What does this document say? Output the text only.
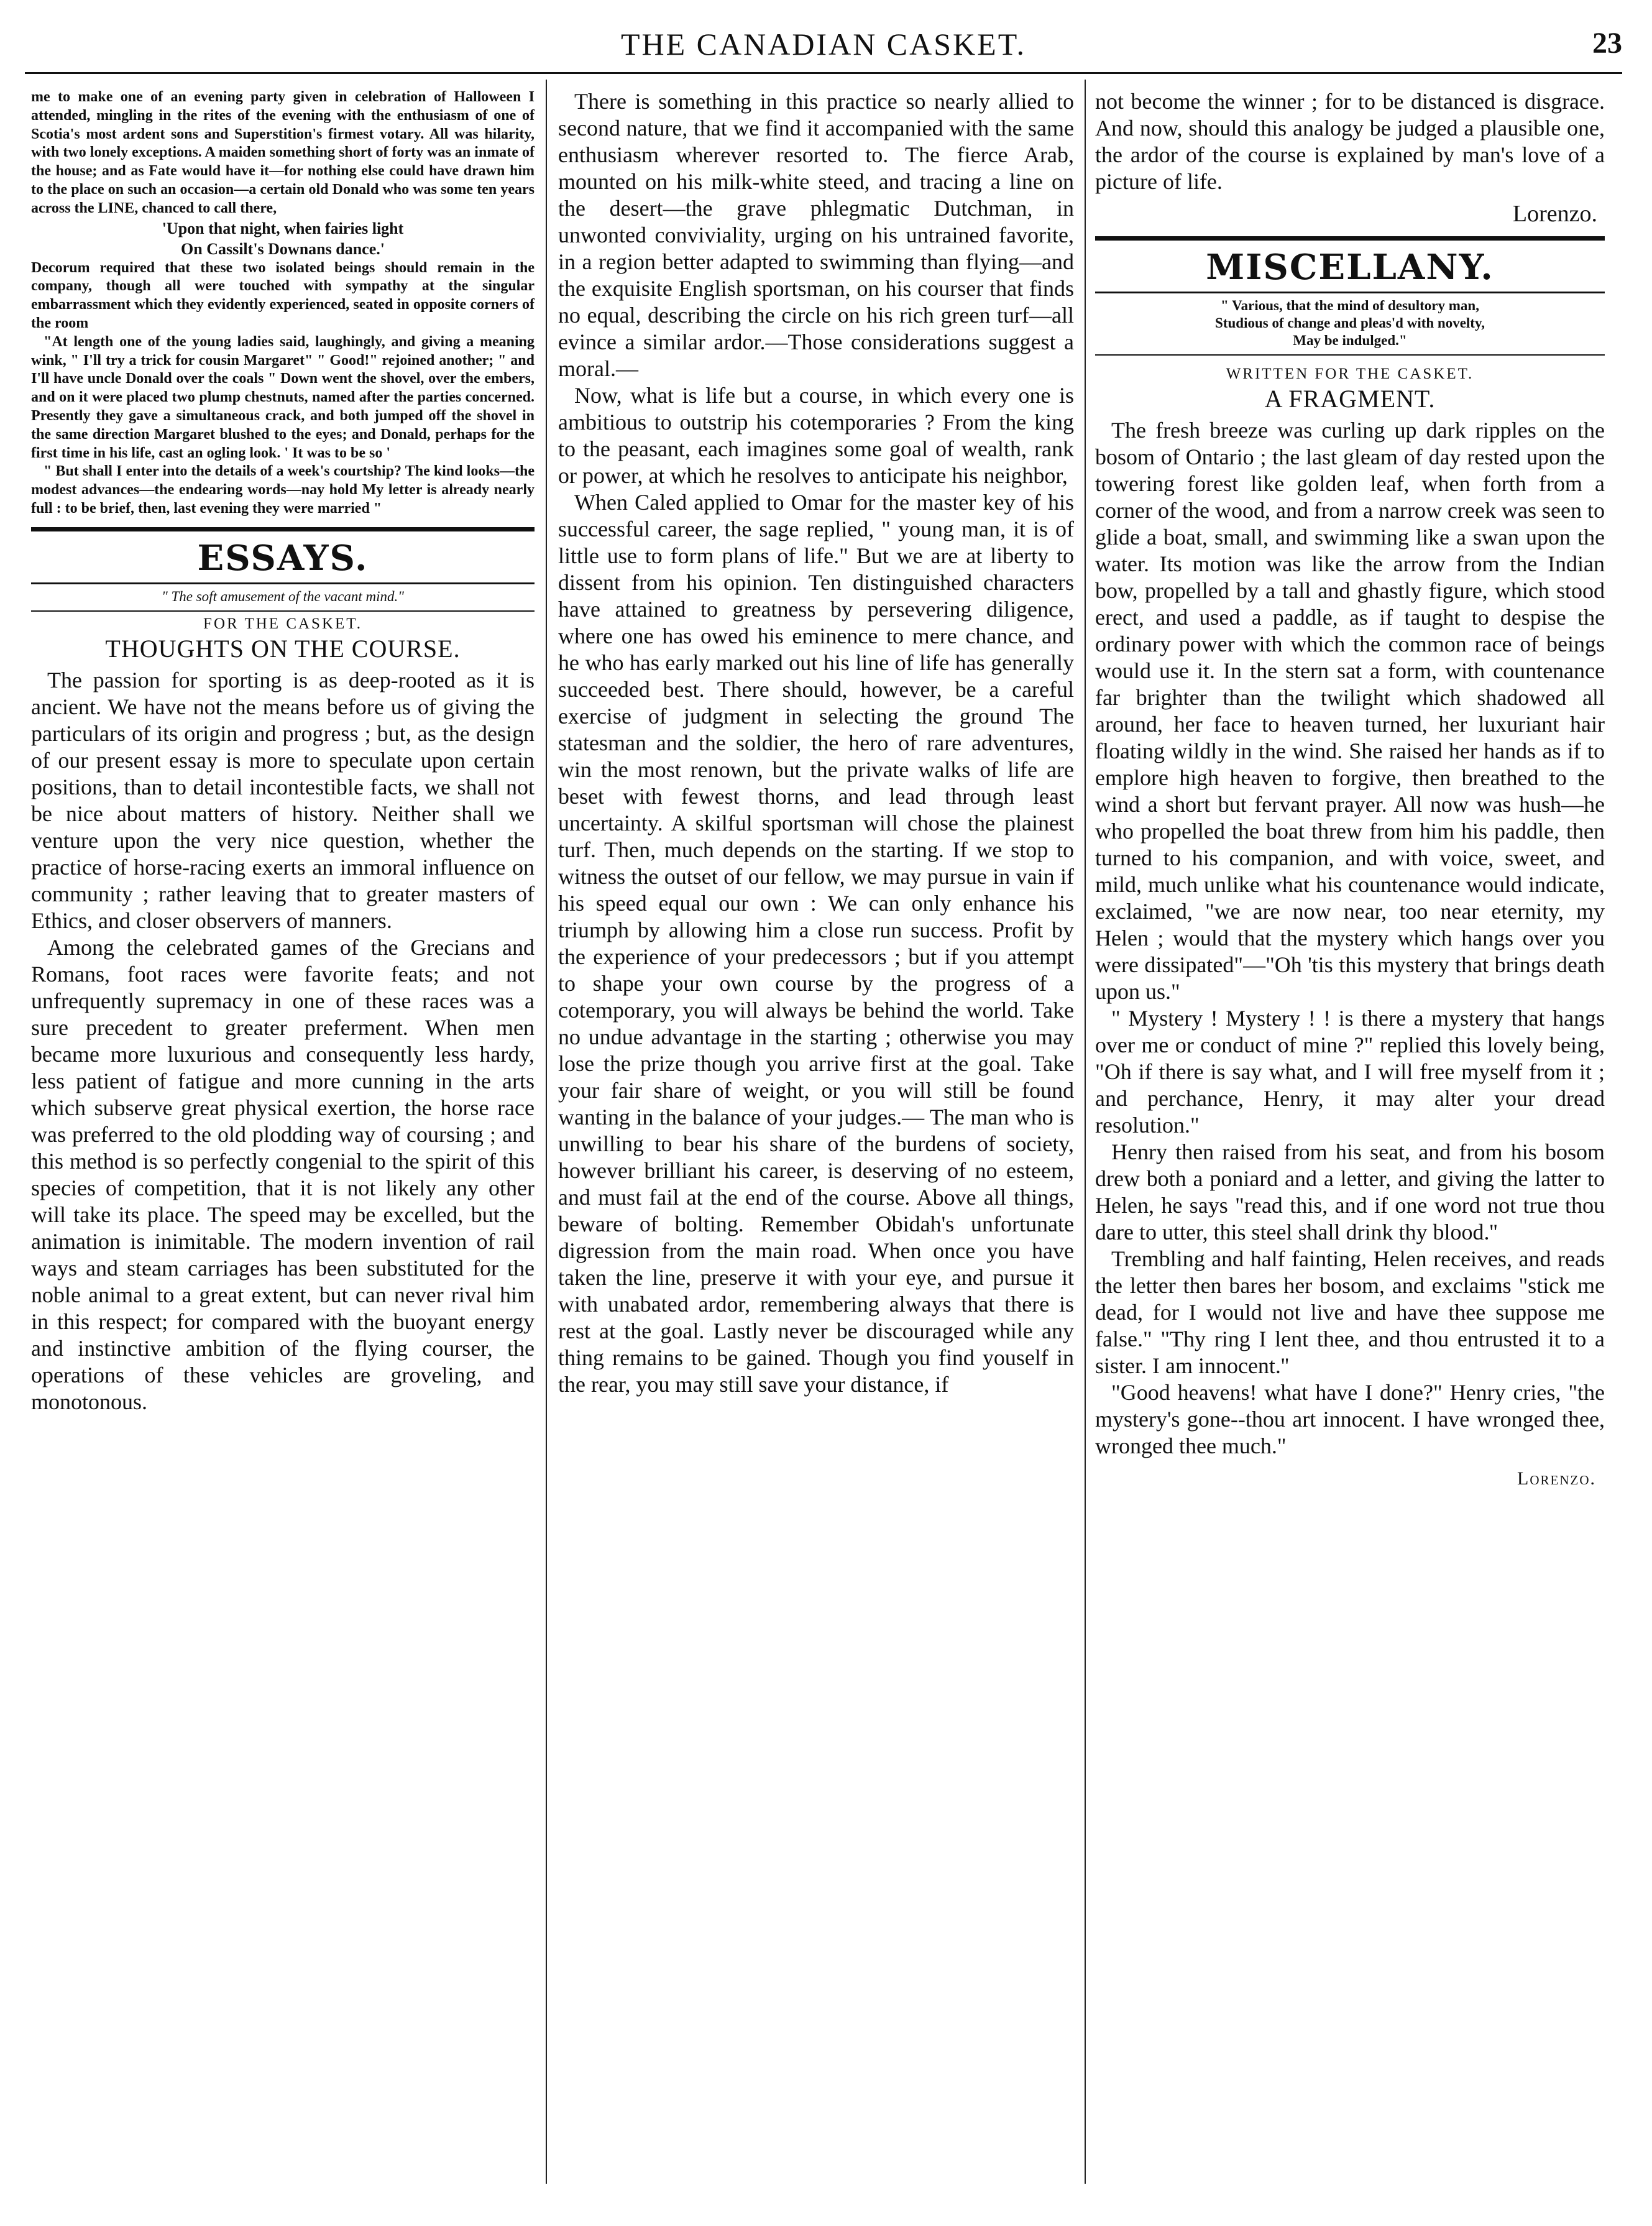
THE CANADIAN CASKET.	23

me to make one of an evening party given in celebration of Halloween I attended, mingling in the rites of the evening with the enthusiasm of one of Scotia's most ardent sons and Superstition's firmest votary. All was hilarity, with two lonely exceptions. A maiden something short of forty was an inmate of the house; and as Fate would have it—for nothing else could have drawn him to the place on such an occasion—a certain old Donald who was some ten years across the LINE, chanced to call there,

'Upon that night, when fairies light
On Cassilt's Downans dance.'

Decorum required that these two isolated beings should remain in the company, though all were touched with sympathy at the singular embarrassment which they evidently experienced, seated in opposite corners of the room

"At length one of the young ladies said, laughingly, and giving a meaning wink, " I'll try a trick for cousin Margaret" " Good!" rejoined another; " and I'll have uncle Donald over the coals " Down went the shovel, over the embers, and on it were placed two plump chestnuts, named after the parties concerned. Presently they gave a simultaneous crack, and both jumped off the shovel in the same direction Margaret blushed to the eyes; and Donald, perhaps for the first time in his life, cast an ogling look. ' It was to be so '

" But shall I enter into the details of a week's courtship? The kind looks—the modest advances—the endearing words—nay hold My letter is already nearly full : to be brief, then, last evening they were married "

ESSAYS.
" The soft amusement of the vacant mind."
FOR THE CASKET.
THOUGHTS ON THE COURSE.

The passion for sporting is as deep-rooted as it is ancient. We have not the means before us of giving the particulars of its origin and progress ; but, as the design of our present essay is more to speculate upon certain positions, than to detail incontestible facts, we shall not be nice about matters of history. Neither shall we venture upon the very nice question, whether the practice of horse-racing exerts an immoral influence on community ; rather leaving that to greater masters of Ethics, and closer observers of manners.

Among the celebrated games of the Grecians and Romans, foot races were favorite feats; and not unfrequently supremacy in one of these races was a sure precedent to greater preferment. When men became more luxurious and consequently less hardy, less patient of fatigue and more cunning in the arts which subserve great physical exertion, the horse race was preferred to the old plodding way of coursing ; and this method is so perfectly congenial to the spirit of this species of competition, that it is not likely any other will take its place. The speed may be excelled, but the animation is inimitable. The modern invention of rail ways and steam carriages has been substituted for the noble animal to a great extent, but can never rival him in this respect; for compared with the buoyant energy and instinctive ambition of the flying courser, the operations of these vehicles are groveling, and monotonous.

There is something in this practice so nearly allied to second nature, that we find it accompanied with the same enthusiasm wherever resorted to. The fierce Arab, mounted on his milk-white steed, and tracing a line on the desert—the grave phlegmatic Dutchman, in unwonted conviviality, urging on his untrained favorite, in a region better adapted to swimming than flying—and the exquisite English sportsman, on his courser that finds no equal, describing the circle on his rich green turf—all evince a similar ardor.—Those considerations suggest a moral.—

Now, what is life but a course, in which every one is ambitious to outstrip his cotemporaries ? From the king to the peasant, each imagines some goal of wealth, rank or power, at which he resolves to anticipate his neighbor,

When Caled applied to Omar for the master key of his successful career, the sage replied, " young man, it is of little use to form plans of life." But we are at liberty to dissent from his opinion. Ten distinguished characters have attained to greatness by persevering diligence, where one has owed his eminence to mere chance, and he who has early marked out his line of life has generally succeeded best. There should, however, be a careful exercise of judgment in selecting the ground The statesman and the soldier, the hero of rare adventures, win the most renown, but the private walks of life are beset with fewest thorns, and lead through least uncertainty. A skilful sportsman will chose the plainest turf. Then, much depends on the starting. If we stop to witness the outset of our fellow, we may pursue in vain if his speed equal our own : We can only enhance his triumph by allowing him a close run success. Profit by the experience of your predecessors ; but if you attempt to shape your own course by the progress of a cotemporary, you will always be behind the world. Take no undue advantage in the starting ; otherwise you may lose the prize though you arrive first at the goal. Take your fair share of weight, or you will still be found wanting in the balance of your judges.— The man who is unwilling to bear his share of the burdens of society, however brilliant his career, is deserving of no esteem, and must fail at the end of the course. Above all things, beware of bolting. Remember Obidah's unfortunate digression from the main road. When once you have taken the line, preserve it with your eye, and pursue it with unabated ardor, remembering always that there is rest at the goal. Lastly never be discouraged while any thing remains to be gained. Though you find youself in the rear, you may still save your distance, if

not become the winner ; for to be distanced is disgrace. And now, should this analogy be judged a plausible one, the ardor of the course is explained by man's love of a picture of life.

Lorenzo.
MISCELLANY.
" Various, that the mind of desultory man,
Studious of change and pleas'd with novelty,
May be indulged."
WRITTEN FOR THE CASKET.
A FRAGMENT.

The fresh breeze was curling up dark ripples on the bosom of Ontario ; the last gleam of day rested upon the towering forest like golden leaf, when forth from a corner of the wood, and from a narrow creek was seen to glide a boat, small, and swimming like a swan upon the water. Its motion was like the arrow from the Indian bow, propelled by a tall and ghastly figure, which stood erect, and used a paddle, as if taught to despise the ordinary power with which the common race of beings would use it. In the stern sat a form, with countenance far brighter than the twilight which shadowed all around, her face to heaven turned, her luxuriant hair floating wildly in the wind. She raised her hands as if to emplore high heaven to forgive, then breathed to the wind a short but fervant prayer. All now was hush—he who propelled the boat threw from him his paddle, then turned to his companion, and with voice, sweet, and mild, much unlike what his countenance would indicate, exclaimed, "we are now near, too near eternity, my Helen ; would that the mystery which hangs over you were dissipated"—"Oh 'tis this mystery that brings death upon us."

" Mystery ! Mystery ! ! is there a mystery that hangs over me or conduct of mine ?" replied this lovely being, "Oh if there is say what, and I will free myself from it ; and perchance, Henry, it may alter your dread resolution."

Henry then raised from his seat, and from his bosom drew both a poniard and a letter, and giving the latter to Helen, he says "read this, and if one word not true thou dare to utter, this steel shall drink thy blood.''

Trembling and half fainting, Helen receives, and reads the letter then bares her bosom, and exclaims "stick me dead, for I would not live and have thee suppose me false." "Thy ring I lent thee, and thou entrusted it to a sister. I am innocent.''

"Good heavens! what have I done?" Henry cries, "the mystery's gone--thou art innocent. I have wronged thee, wronged thee much."

Lorenzo.
